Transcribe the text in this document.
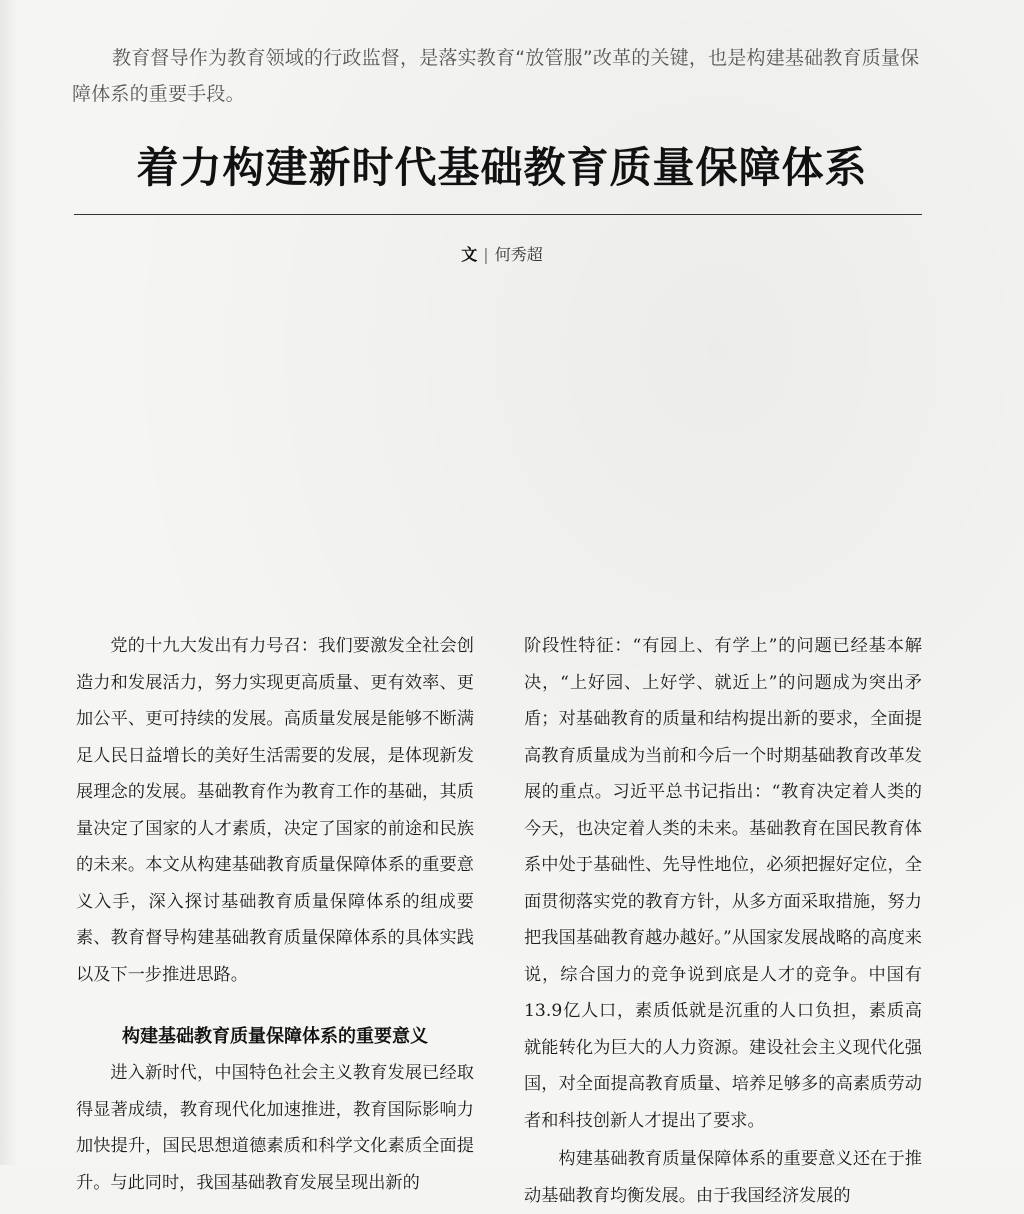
教育督导作为教育领域的行政监督，是落实教育“放管服”改革的关键，也是构建基础教育质量保障体系的重要手段。
着力构建新时代基础教育质量保障体系
文 | 何秀超

党的十九大发出有力号召：我们要激发全社会创造力和发展活力，努力实现更高质量、更有效率、更加公平、更可持续的发展。高质量发展是能够不断满足人民日益增长的美好生活需要的发展，是体现新发展理念的发展。基础教育作为教育工作的基础，其质量决定了国家的人才素质，决定了国家的前途和民族的未来。本文从构建基础教育质量保障体系的重要意义入手，深入探讨基础教育质量保障体系的组成要素、教育督导构建基础教育质量保障体系的具体实践以及下一步推进思路。

构建基础教育质量保障体系的重要意义

进入新时代，中国特色社会主义教育发展已经取得显著成绩，教育现代化加速推进，教育国际影响力加快提升，国民思想道德素质和科学文化素质全面提升。与此同时，我国基础教育发展呈现出新的

阶段性特征：“有园上、有学上”的问题已经基本解决，“上好园、上好学、就近上”的问题成为突出矛盾；对基础教育的质量和结构提出新的要求，全面提高教育质量成为当前和今后一个时期基础教育改革发展的重点。习近平总书记指出：“教育决定着人类的今天，也决定着人类的未来。基础教育在国民教育体系中处于基础性、先导性地位，必须把握好定位，全面贯彻落实党的教育方针，从多方面采取措施，努力把我国基础教育越办越好。”从国家发展战略的高度来说，综合国力的竞争说到底是人才的竞争。中国有13.9亿人口，素质低就是沉重的人口负担，素质高就能转化为巨大的人力资源。建设社会主义现代化强国，对全面提高教育质量、培养足够多的高素质劳动者和科技创新人才提出了要求。

构建基础教育质量保障体系的重要意义还在于推动基础教育均衡发展。由于我国经济发展的
